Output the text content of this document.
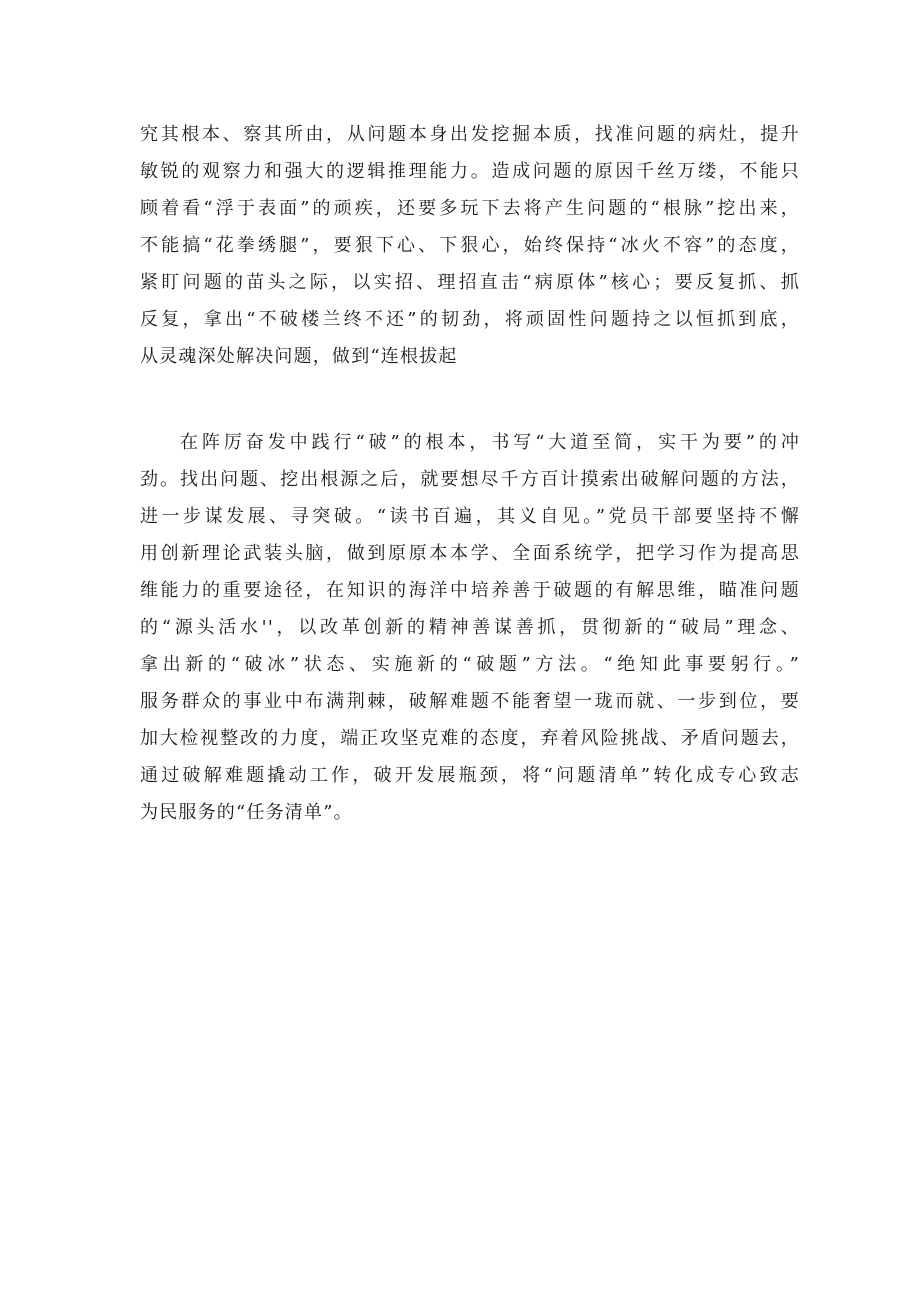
究其根本、察其所由，从问题本身出发挖掘本质，找准问题的病灶，提升
敏锐的观察力和强大的逻辑推理能力。造成问题的原因千丝万缕，不能只
顾着看“浮于表面”的顽疾，还要多玩下去将产生问题的“根脉”挖出来，
不能搞“花拳绣腿”，要狠下心、下狠心，始终保持“冰火不容”的态度，
紧盯问题的苗头之际，以实招、理招直击“病原体”核心；要反复抓、抓
反复，拿出“不破楼兰终不还”的韧劲，将顽固性问题持之以恒抓到底，
从灵魂深处解决问题，做到“连根拔起
在阵厉奋发中践行“破”的根本，书写“大道至简，实干为要”的冲
劲。找出问题、挖出根源之后，就要想尽千方百计摸索出破解问题的方法，
进一步谋发展、寻突破。“读书百遍，其义自见。”党员干部要坚持不懈
用创新理论武装头脑，做到原原本本学、全面系统学，把学习作为提高思
维能力的重要途径，在知识的海洋中培养善于破题的有解思维，瞄准问题
的“源头活水''，以改革创新的精神善谋善抓，贯彻新的“破局”理念、
拿出新的“破冰”状态、实施新的“破题”方法。“绝知此事要躬行。”
服务群众的事业中布满荆棘，破解难题不能奢望一珑而就、一步到位，要
加大检视整改的力度，端正攻坚克难的态度，弃着风险挑战、矛盾问题去，
通过破解难题撬动工作，破开发展瓶颈，将“问题清单”转化成专心致志
为民服务的“任务清单”。
